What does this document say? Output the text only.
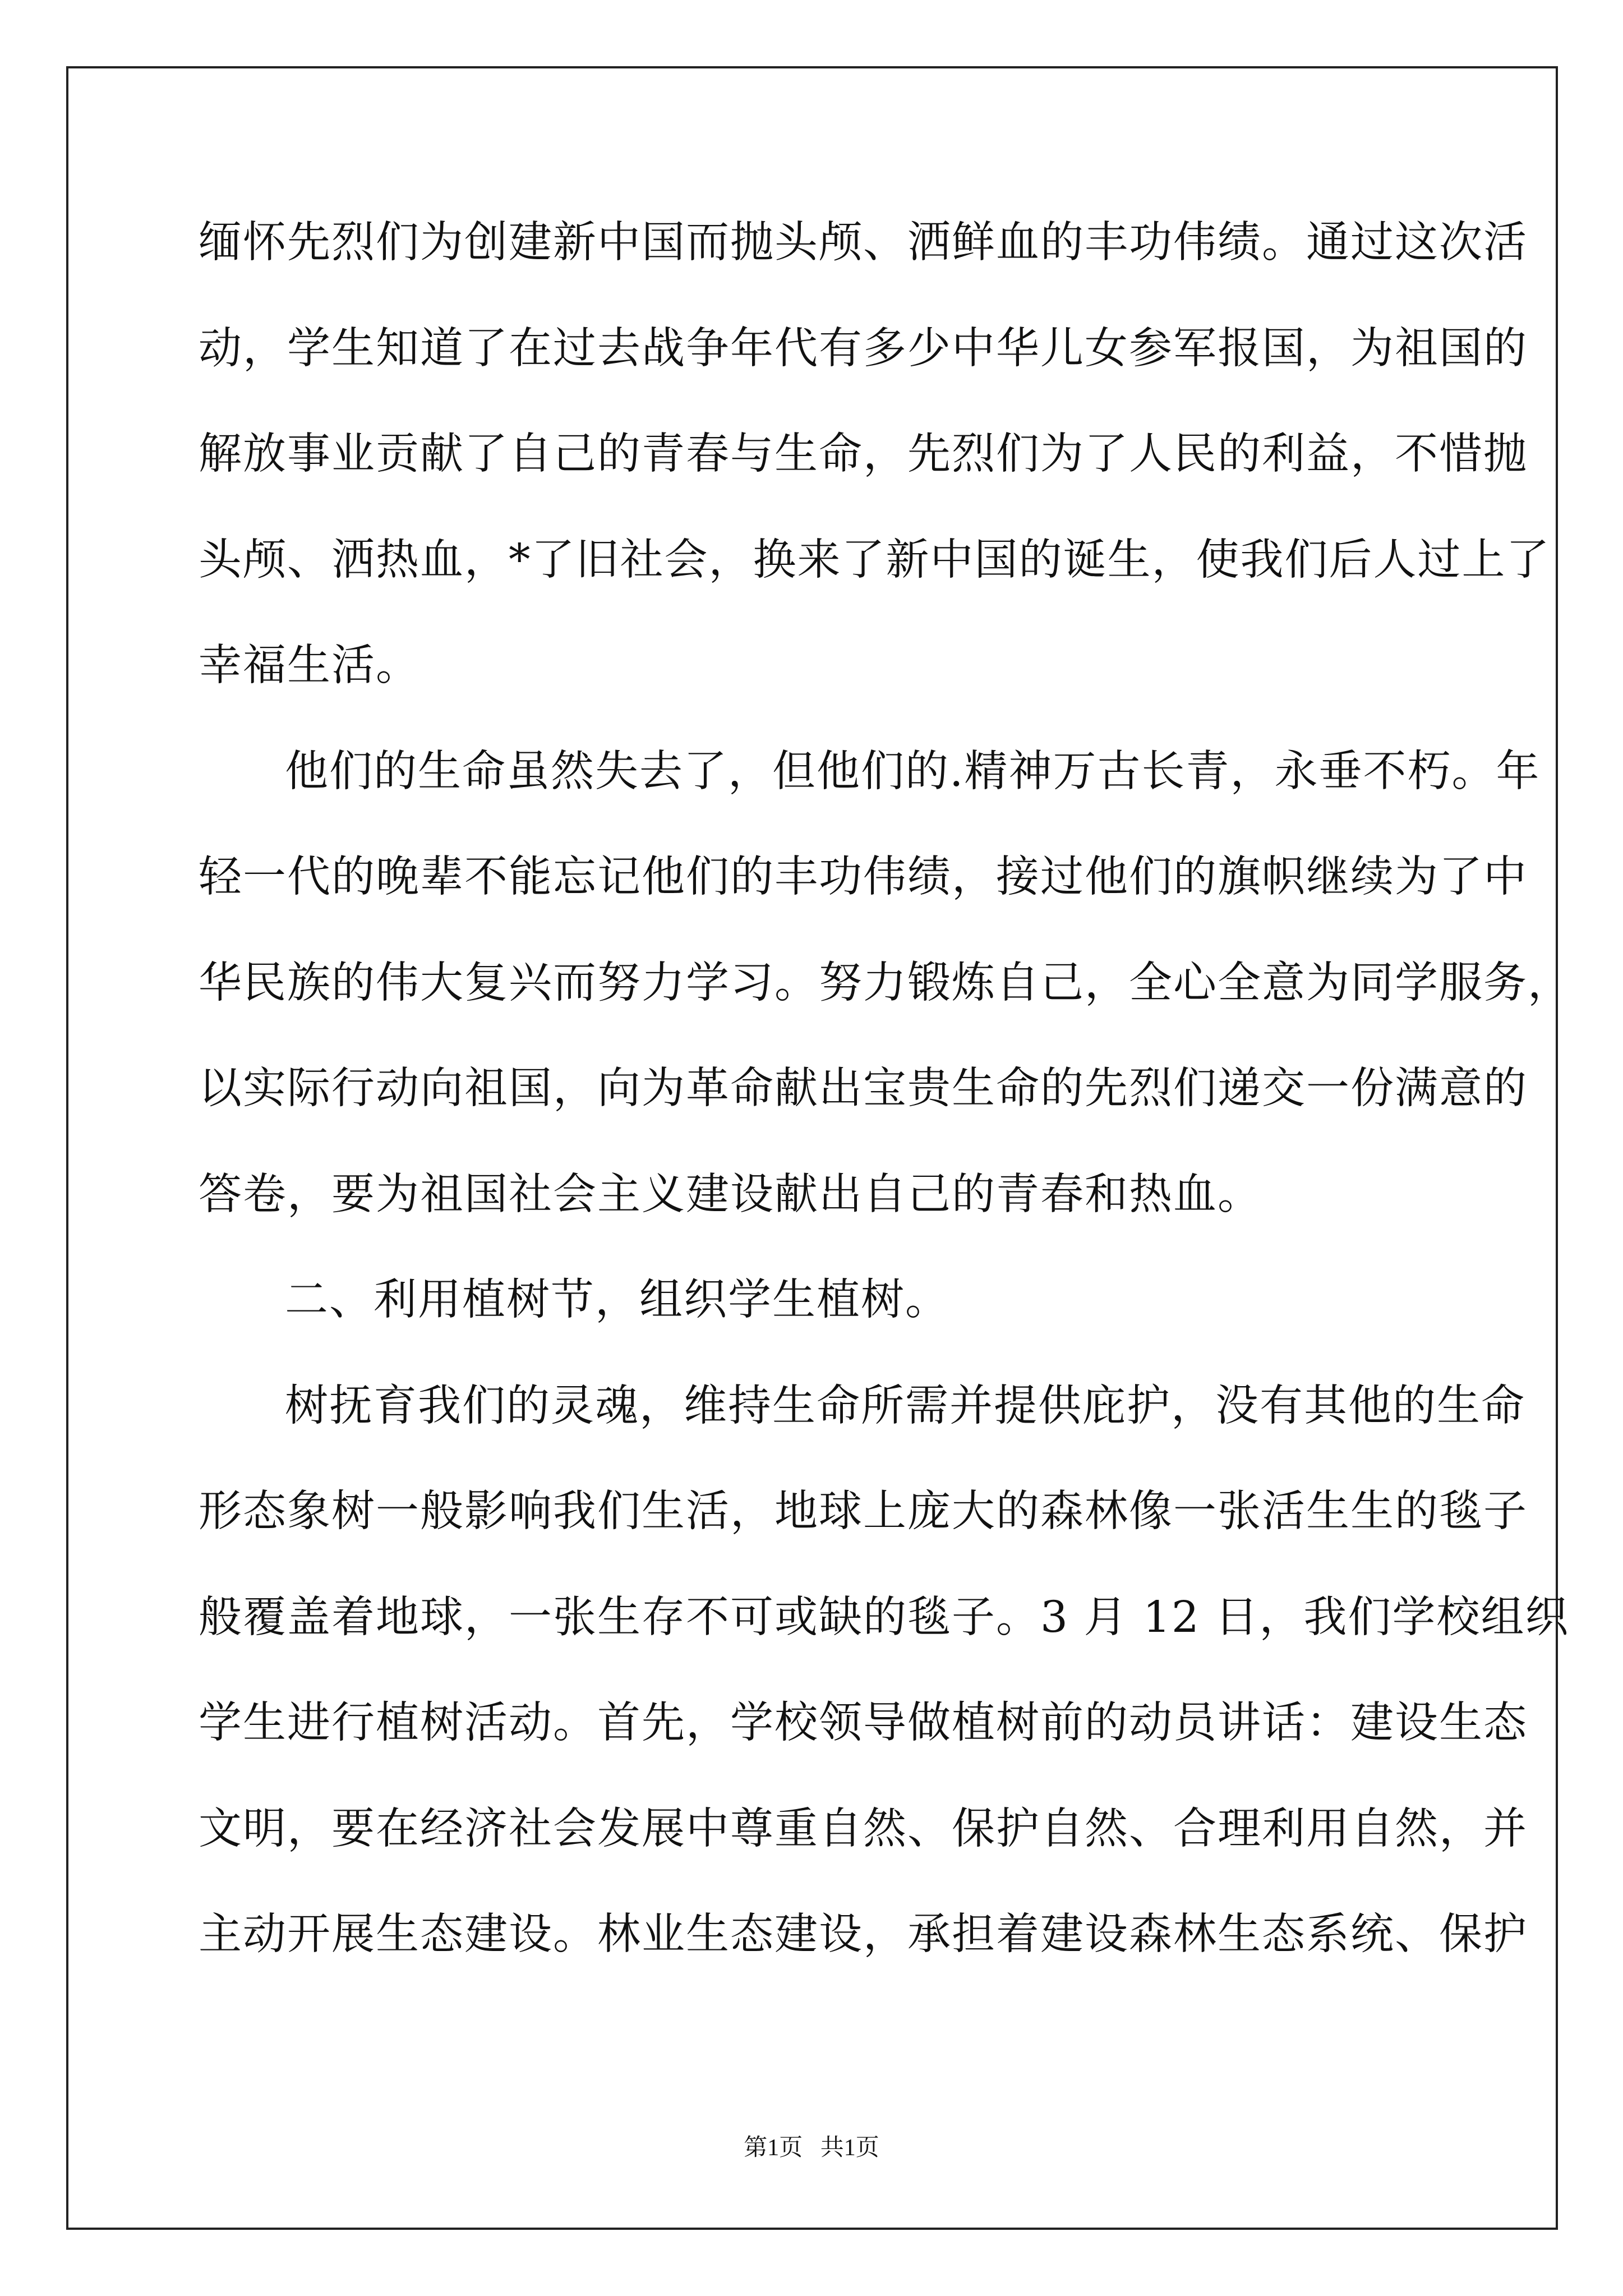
缅怀先烈们为创建新中国而抛头颅、洒鲜血的丰功伟绩。通过这次活
动，学生知道了在过去战争年代有多少中华儿女参军报国，为祖国的
解放事业贡献了自己的青春与生命，先烈们为了人民的利益，不惜抛
头颅、洒热血，*了旧社会，换来了新中国的诞生，使我们后人过上了
幸福生活。
他们的生命虽然失去了，但他们的.精神万古长青，永垂不朽。年
轻一代的晚辈不能忘记他们的丰功伟绩，接过他们的旗帜继续为了中
华民族的伟大复兴而努力学习。努力锻炼自己，全心全意为同学服务，
以实际行动向祖国，向为革命献出宝贵生命的先烈们递交一份满意的
答卷，要为祖国社会主义建设献出自己的青春和热血。
二、利用植树节，组织学生植树。
树抚育我们的灵魂，维持生命所需并提供庇护，没有其他的生命
形态象树一般影响我们生活，地球上庞大的森林像一张活生生的毯子
般覆盖着地球，一张生存不可或缺的毯子。3 月 12 日，我们学校组织
学生进行植树活动。首先，学校领导做植树前的动员讲话：建设生态
文明，要在经济社会发展中尊重自然、保护自然、合理利用自然，并
主动开展生态建设。林业生态建设，承担着建设森林生态系统、保护
第1页   共1页
